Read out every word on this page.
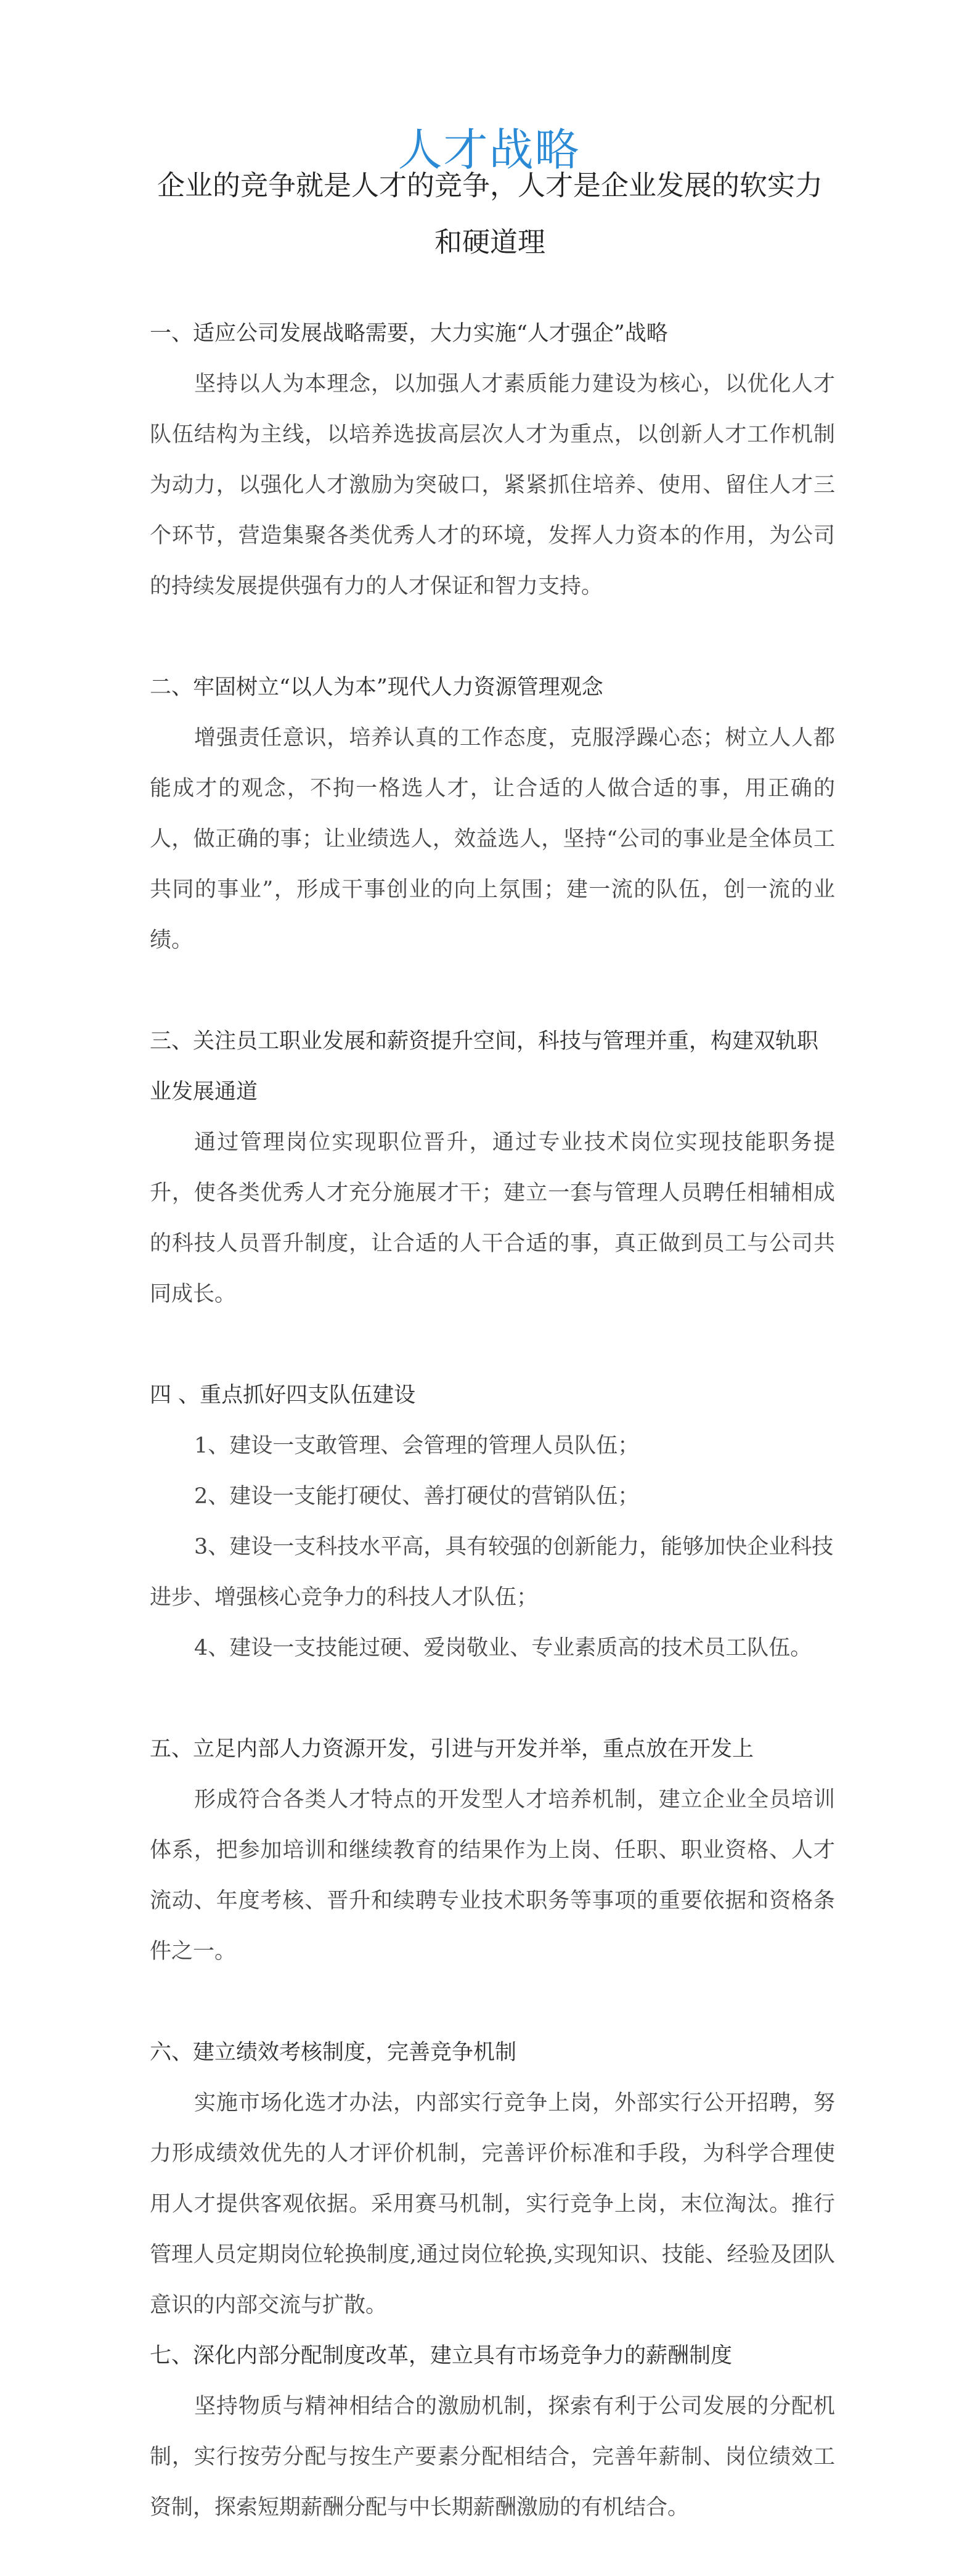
人才战略
企业的竞争就是人才的竞争，人才是企业发展的软实力和硬道理

一、适应公司发展战略需要，大力实施“人才强企”战略

坚持以人为本理念，以加强人才素质能力建设为核心，以优化人才队伍结构为主线，以培养选拔高层次人才为重点，以创新人才工作机制为动力，以强化人才激励为突破口，紧紧抓住培养、使用、留住人才三个环节，营造集聚各类优秀人才的环境，发挥人力资本的作用，为公司的持续发展提供强有力的人才保证和智力支持。

二、牢固树立“以人为本”现代人力资源管理观念

增强责任意识，培养认真的工作态度，克服浮躁心态；树立人人都能成才的观念，不拘一格选人才，让合适的人做合适的事，用正确的人，做正确的事；让业绩选人，效益选人，坚持“公司的事业是全体员工共同的事业”，形成干事创业的向上氛围；建一流的队伍，创一流的业绩。

三、关注员工职业发展和薪资提升空间，科技与管理并重，构建双轨职业发展通道

通过管理岗位实现职位晋升，通过专业技术岗位实现技能职务提升，使各类优秀人才充分施展才干；建立一套与管理人员聘任相辅相成的科技人员晋升制度，让合适的人干合适的事，真正做到员工与公司共同成长。

四 、重点抓好四支队伍建设

1、建设一支敢管理、会管理的管理人员队伍；

2、建设一支能打硬仗、善打硬仗的营销队伍；

3、建设一支科技水平高，具有较强的创新能力，能够加快企业科技进步、增强核心竞争力的科技人才队伍；

4、建设一支技能过硬、爱岗敬业、专业素质高的技术员工队伍。

五、立足内部人力资源开发，引进与开发并举，重点放在开发上

形成符合各类人才特点的开发型人才培养机制，建立企业全员培训体系，把参加培训和继续教育的结果作为上岗、任职、职业资格、人才流动、年度考核、晋升和续聘专业技术职务等事项的重要依据和资格条件之一。

六、建立绩效考核制度，完善竞争机制

实施市场化选才办法，内部实行竞争上岗，外部实行公开招聘，努力形成绩效优先的人才评价机制，完善评价标准和手段，为科学合理使用人才提供客观依据。采用赛马机制，实行竞争上岗，末位淘汰。推行管理人员定期岗位轮换制度,通过岗位轮换,实现知识、技能、经验及团队意识的内部交流与扩散。

七、深化内部分配制度改革，建立具有市场竞争力的薪酬制度

坚持物质与精神相结合的激励机制，探索有利于公司发展的分配机制，实行按劳分配与按生产要素分配相结合，完善年薪制、岗位绩效工资制，探索短期薪酬分配与中长期薪酬激励的有机结合。
